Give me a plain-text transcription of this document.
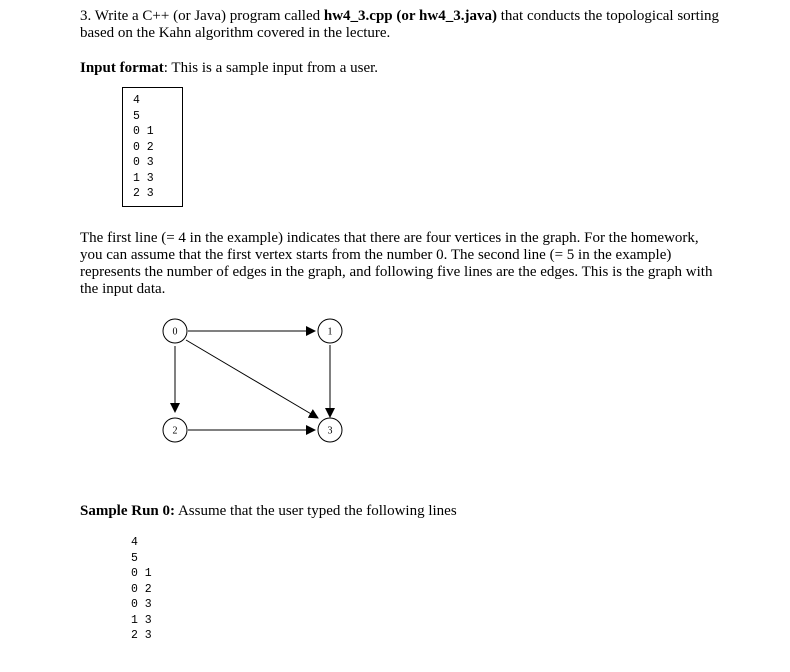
3. Write a C++ (or Java) program called hw4_3.cpp (or hw4_3.java) that conducts the topological sorting based on the Kahn algorithm covered in the lecture.

Input format: This is a sample input from a user.

4
5
0 1
0 2
0 3
1 3
2 3

The first line (= 4 in the example) indicates that there are four vertices in the graph. For the homework, you can assume that the first vertex starts from the number 0. The second line (= 5 in the example) represents the number of edges in the graph, and following five lines are the edges. This is the graph with the input data.

0	1
2	3

Sample Run 0: Assume that the user typed the following lines

4
5
0 1
0 2
0 3
1 3
2 3
